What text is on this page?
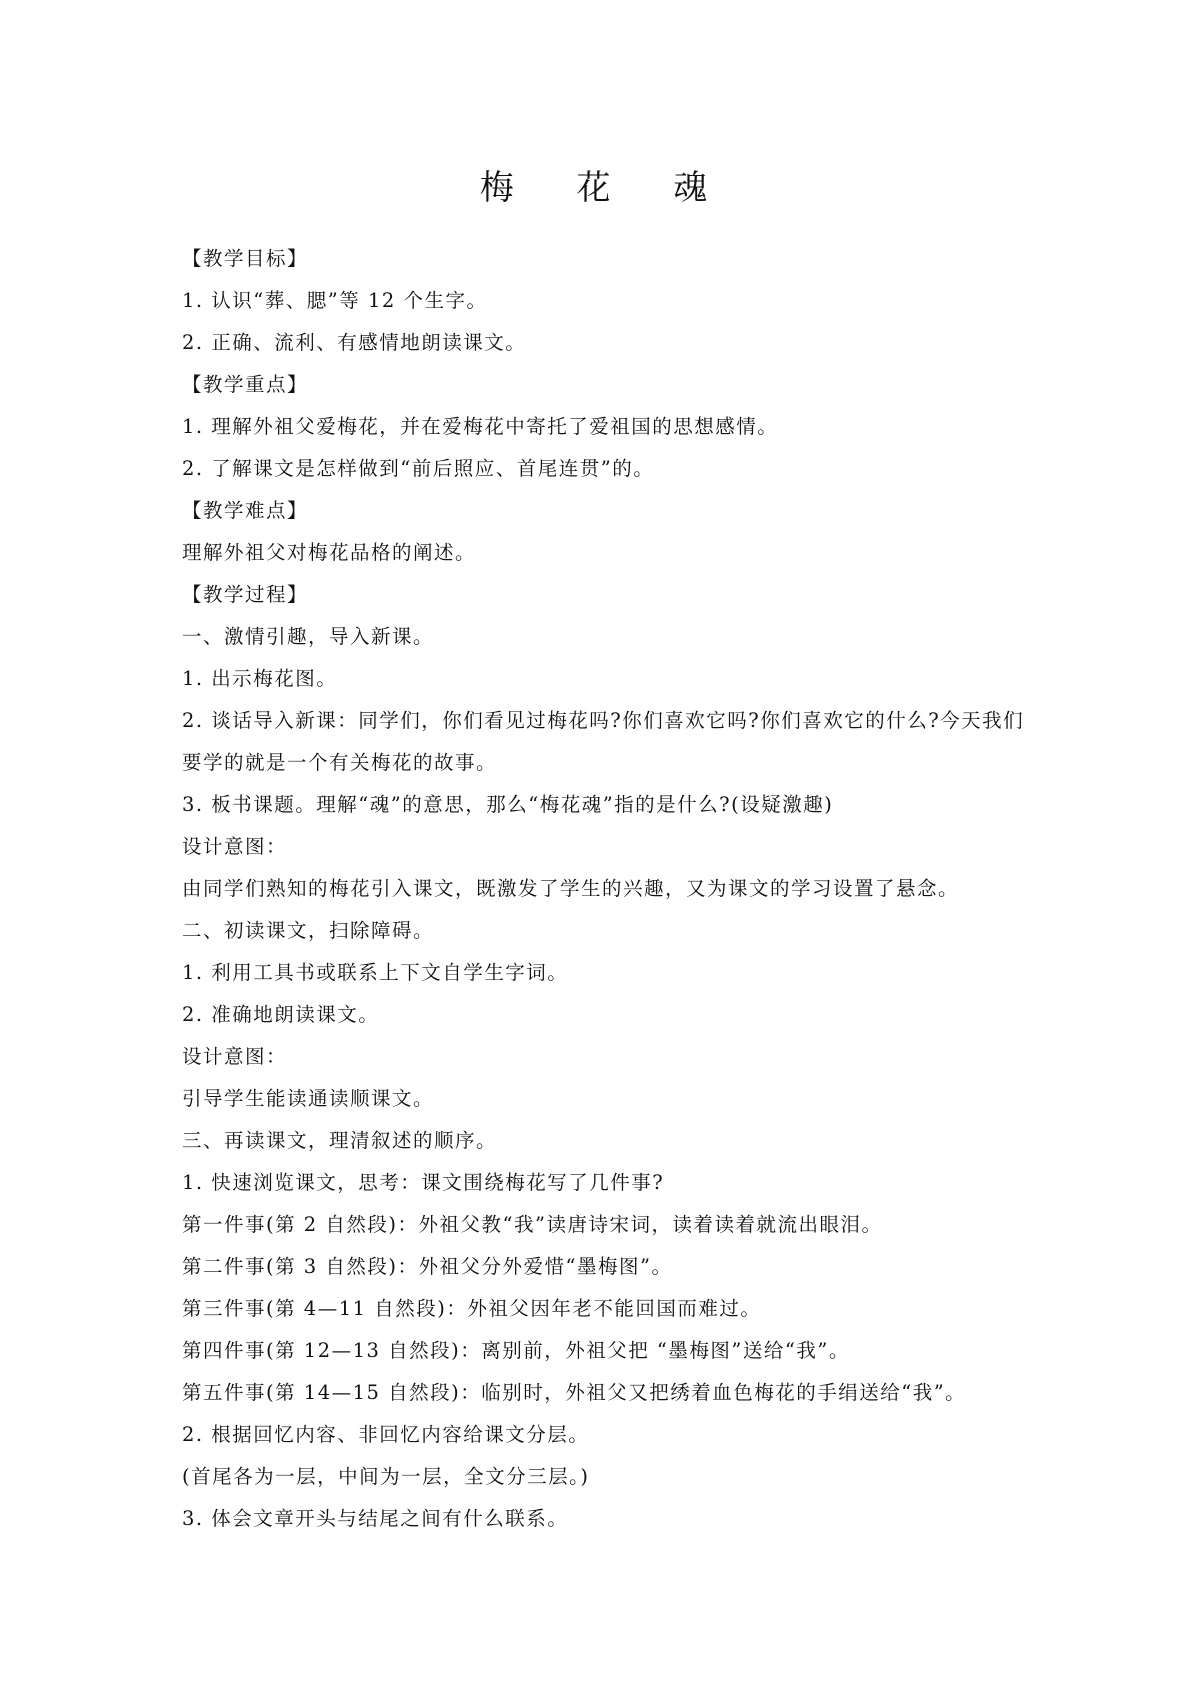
梅 花 魂
【教学目标】
1. 认识“葬、腮”等 12 个生字。
2. 正确、流利、有感情地朗读课文。
【教学重点】
1. 理解外祖父爱梅花，并在爱梅花中寄托了爱祖国的思想感情。
2. 了解课文是怎样做到“前后照应、首尾连贯”的。
【教学难点】
理解外祖父对梅花品格的阐述。
【教学过程】
一、激情引趣，导入新课。
1. 出示梅花图。
2. 谈话导入新课：同学们，你们看见过梅花吗?你们喜欢它吗?你们喜欢它的什么?今天我们
要学的就是一个有关梅花的故事。
3. 板书课题。理解“魂”的意思，那么“梅花魂”指的是什么?(设疑激趣)
设计意图：
由同学们熟知的梅花引入课文，既激发了学生的兴趣，又为课文的学习设置了悬念。
二、初读课文，扫除障碍。
1. 利用工具书或联系上下文自学生字词。
2. 准确地朗读课文。
设计意图：
引导学生能读通读顺课文。
三、再读课文，理清叙述的顺序。
1. 快速浏览课文，思考：课文围绕梅花写了几件事?
第一件事(第 2 自然段)：外祖父教“我”读唐诗宋词，读着读着就流出眼泪。
第二件事(第 3 自然段)：外祖父分外爱惜“墨梅图”。
第三件事(第 4—11 自然段)：外祖父因年老不能回国而难过。
第四件事(第 12—13 自然段)：离别前，外祖父把 “墨梅图”送给“我”。
第五件事(第 14—15 自然段)：临别时，外祖父又把绣着血色梅花的手绢送给“我”。
2. 根据回忆内容、非回忆内容给课文分层。
(首尾各为一层，中间为一层，全文分三层。)
3. 体会文章开头与结尾之间有什么联系。
